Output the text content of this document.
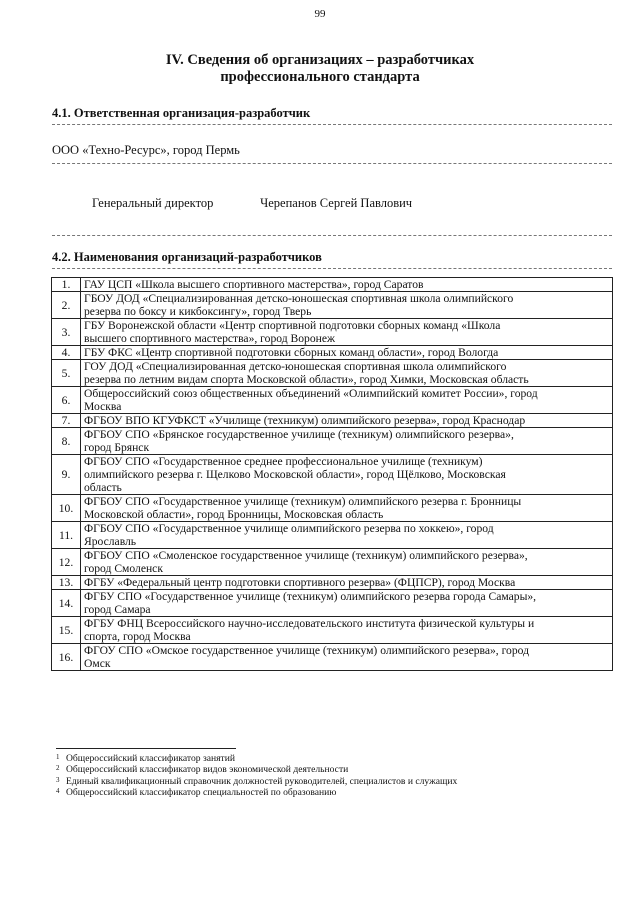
99
IV. Сведения об организациях – разработчиках
профессионального стандарта
4.1. Ответственная организация-разработчик
ООО «Техно-Ресурс», город Пермь
Генеральный директор	Черепанов Сергей Павлович
4.2. Наименования организаций-разработчиков
1.	ГАУ ЦСП «Школа высшего спортивного мастерства», город Саратов

2.	ГБОУ ДОД «Специализированная детско-юношеская спортивная школа олимпийского
резерва по боксу и кикбоксингу», город Тверь

3.	ГБУ Воронежской области «Центр спортивной подготовки сборных команд «Школа
высшего спортивного мастерства», город Воронеж

4.	ГБУ ФКС «Центр спортивной подготовки сборных команд области», город Вологда

5.	ГОУ ДОД «Специализированная детско-юношеская спортивная школа олимпийского
резерва по летним видам спорта Московской области», город Химки, Московская область

6.	Общероссийский союз общественных объединений «Олимпийский комитет России», город
Москва

7.	ФГБОУ ВПО КГУФКСТ «Училище (техникум) олимпийского резерва», город Краснодар

8.	ФГБОУ СПО «Брянское государственное училище (техникум) олимпийского резерва»,
город Брянск

9.	ФГБОУ СПО «Государственное среднее профессиональное училище (техникум)
олимпийского резерва г. Щелково Московской области», город Щёлково, Московская
область

10.	ФГБОУ СПО «Государственное училище (техникум) олимпийского резерва г. Бронницы
Московской области», город Бронницы, Московская область

11.	ФГБОУ СПО «Государственное училище олимпийского резерва по хоккею», город
Ярославль

12.	ФГБОУ СПО «Смоленское государственное училище (техникум) олимпийского резерва»,
город Смоленск

13.	ФГБУ «Федеральный центр подготовки спортивного резерва» (ФЦПСР), город Москва

14.	ФГБУ СПО «Государственное училище (техникум) олимпийского резерва города Самары»,
город Самара

15.	ФГБУ ФНЦ Всероссийского научно-исследовательского института физической культуры и
спорта, город Москва

16.	ФГОУ СПО «Омское государственное училище (техникум) олимпийского резерва», город
Омск
$^1$ Общероссийский классификатор занятий
$^2$ Общероссийский классификатор видов экономической деятельности
$^3$ Единый квалификационный справочник должностей руководителей, специалистов и служащих
$^4$ Общероссийский классификатор специальностей по образованию
